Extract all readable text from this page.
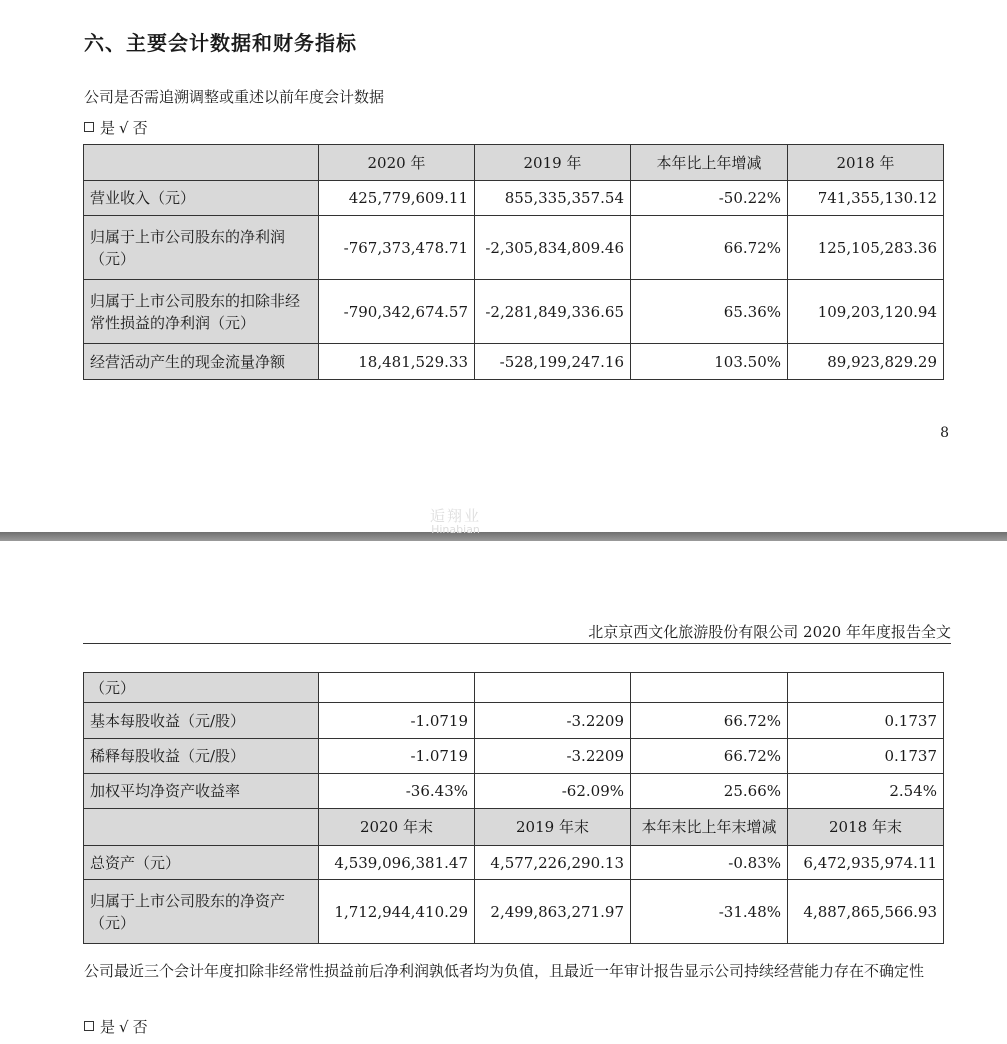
六、主要会计数据和财务指标
公司是否需追溯调整或重述以前年度会计数据
是 √ 否
	2020 年	2019 年	本年比上年增减	2018 年
营业收入（元）	425,779,609.11	855,335,357.54	-50.22%	741,355,130.12
归属于上市公司股东的净利润（元）	-767,373,478.71	-2,305,834,809.46	66.72%	125,105,283.36
归属于上市公司股东的扣除非经常性损益的净利润（元）	-790,342,674.57	-2,281,849,336.65	65.36%	109,203,120.94
经营活动产生的现金流量净额	18,481,529.33	-528,199,247.16	103.50%	89,923,829.29
8
逅翔业
Hinabian
北京京西文化旅游股份有限公司 2020 年年度报告全文
（元）				
基本每股收益（元/股）	-1.0719	-3.2209	66.72%	0.1737
稀释每股收益（元/股）	-1.0719	-3.2209	66.72%	0.1737
加权平均净资产收益率	-36.43%	-62.09%	25.66%	2.54%
	2020 年末	2019 年末	本年末比上年末增减	2018 年末
总资产（元）	4,539,096,381.47	4,577,226,290.13	-0.83%	6,472,935,974.11
归属于上市公司股东的净资产（元）	1,712,944,410.29	2,499,863,271.97	-31.48%	4,887,865,566.93
公司最近三个会计年度扣除非经常性损益前后净利润孰低者均为负值，且最近一年审计报告显示公司持续经营能力存在不确定性
是 √ 否
